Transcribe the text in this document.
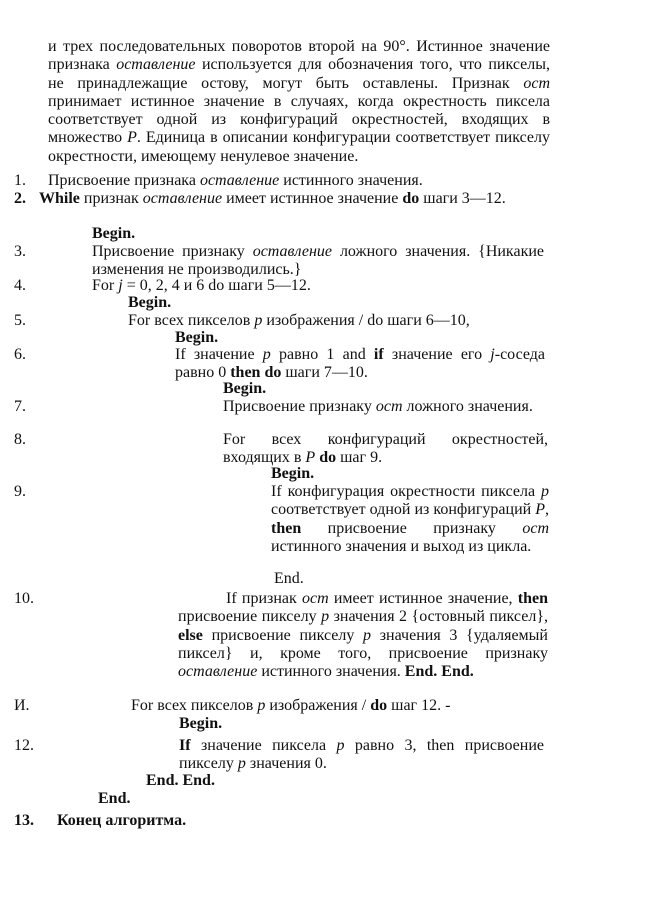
и трех последовательных поворотов второй на 90°. Истинное значение признака оставление используется для обозначения того, что пикселы, не принадлежащие остову, могут быть оставлены. Признак ост принимает истинное значение в случаях, когда окрестность пиксела соответствует одной из конфигураций окрестностей, входящих в множество P. Единица в описании конфигурации соответствует пикселу окрестности, имеющему ненулевое значение.
1. Присвоение признака оставление истинного значения.
2. While признак оставление имеет истинное значение do шаги 3—12.
Begin.
3.	Присвоение признаку оставление ложного значения. {Никакие изменения не производились.}
4.	For j = 0, 2, 4 и 6 do шаги 5—12.
Begin.
5.	For всех пикселов p изображения / do шаги 6—10,
Begin.
6.	If значение p равно 1 and if значение его j-соседа равно 0 then do шаги 7—10.
Begin.
7.	Присвоение признаку ост ложного значения.
8.	For всех конфигураций окрестностей, входящих в P do шаг 9.
Begin.
9.	If конфигурация окрестности пиксела p соответствует одной из конфигураций P, then присвоение признаку ост истинного значения и выход из цикла.
End.
10.	If признак ост имеет истинное значение, then присвоение пикселу p значения 2 {остовный пиксел}, else присвоение пикселу p значения 3 {удаляемый пиксел} и, кроме того, присвоение признаку оставление истинного значения. End. End.
И.	For всех пикселов p изображения / do шаг 12. -
Begin.
12.	If значение пиксела p равно 3, then присвоение пикселу p значения 0.
End. End.
End.
13. Конец алгоритма.
